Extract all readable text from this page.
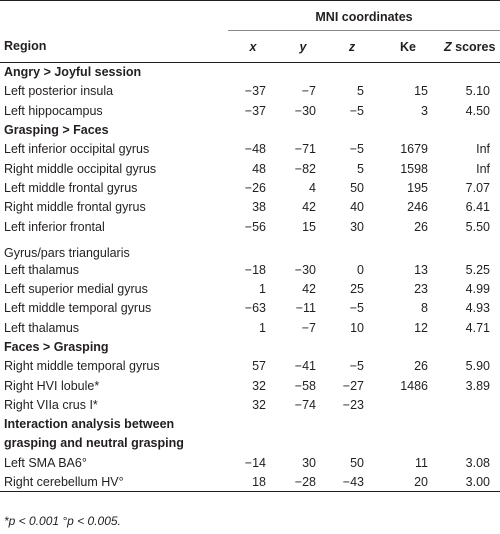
	MNI coordinates				
Region	x	y	z	Ke	Z scores
Angry > Joyful session					
Left posterior insula	−37	−7	5	15	5.10
Left hippocampus	−37	−30	−5	3	4.50
Grasping > Faces					
Left inferior occipital gyrus	−48	−71	−5	1679	Inf
Right middle occipital gyrus	48	−82	5	1598	Inf
Left middle frontal gyrus	−26	4	50	195	7.07
Right middle frontal gyrus	38	42	40	246	6.41
Left inferior frontal	−56	15	30	26	5.50
Gyrus/pars triangularis					
Left thalamus	−18	−30	0	13	5.25
Left superior medial gyrus	1	42	25	23	4.99
Left middle temporal gyrus	−63	−11	−5	8	4.93
Left thalamus	1	−7	10	12	4.71
Faces > Grasping					
Right middle temporal gyrus	57	−41	−5	26	5.90
Right HVI lobule*	32	−58	−27	1486	3.89
Right VIIa crus I*	32	−74	−23		
Interaction analysis between					
grasping and neutral grasping					
Left SMA BA6°	−14	30	50	11	3.08
Right cerebellum HV°	18	−28	−43	20	3.00
*p < 0.001 °p < 0.005.
